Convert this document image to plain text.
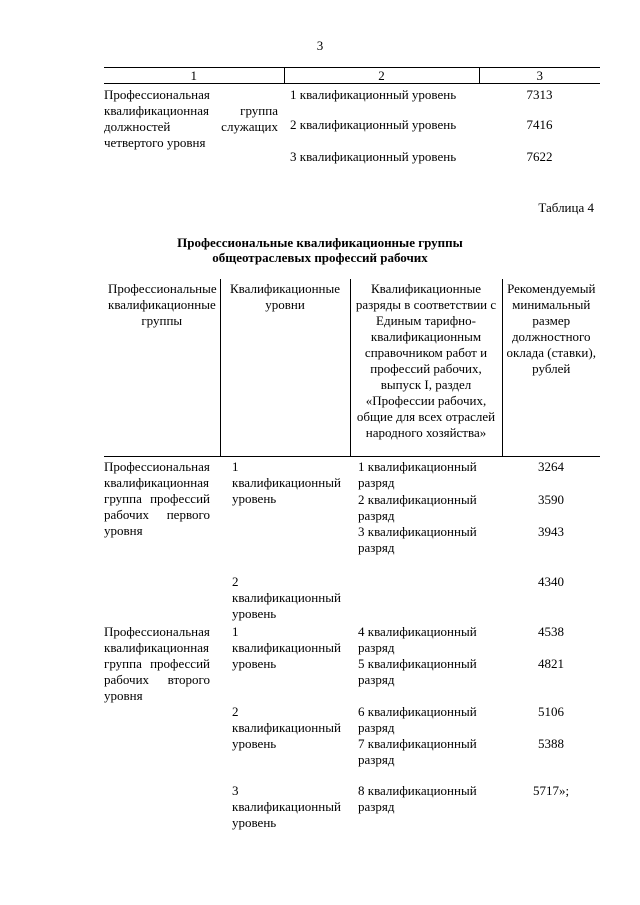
3
1	2	3
Профессиональная квалификационная группа должностей служащих четвертого уровня	1 квалификационный уровень	7313
	2 квалификационный уровень	7416
	3 квалификационный уровень	7622
Таблица 4
Профессиональные квалификационные группы
общеотраслевых профессий рабочих
Профессиональные квалификационные группы	Квалификационные уровни	Квалификационные разряды в соответствии с Единым тарифно-квалификационным справочником работ и профессий рабочих, выпуск I, раздел «Профессии рабочих, общие для всех отраслей народного хозяйства»	Рекомендуемый минимальный размер должностного оклада (ставки), рублей
Профессиональная квалификационная группа профессий рабочих первого уровня	1 квалификационный уровень	1 квалификационный разряд	3264
		2 квалификационный разряд	3590
		3 квалификационный разряд	3943
	2 квалификационный уровень		4340
Профессиональная квалификационная группа профессий рабочих второго уровня	1 квалификационный уровень	4 квалификационный разряд	4538
		5 квалификационный разряд	4821
	2 квалификационный уровень	6 квалификационный разряд	5106
		7 квалификационный разряд	5388
	3 квалификационный уровень	8 квалификационный разряд	5717»;
